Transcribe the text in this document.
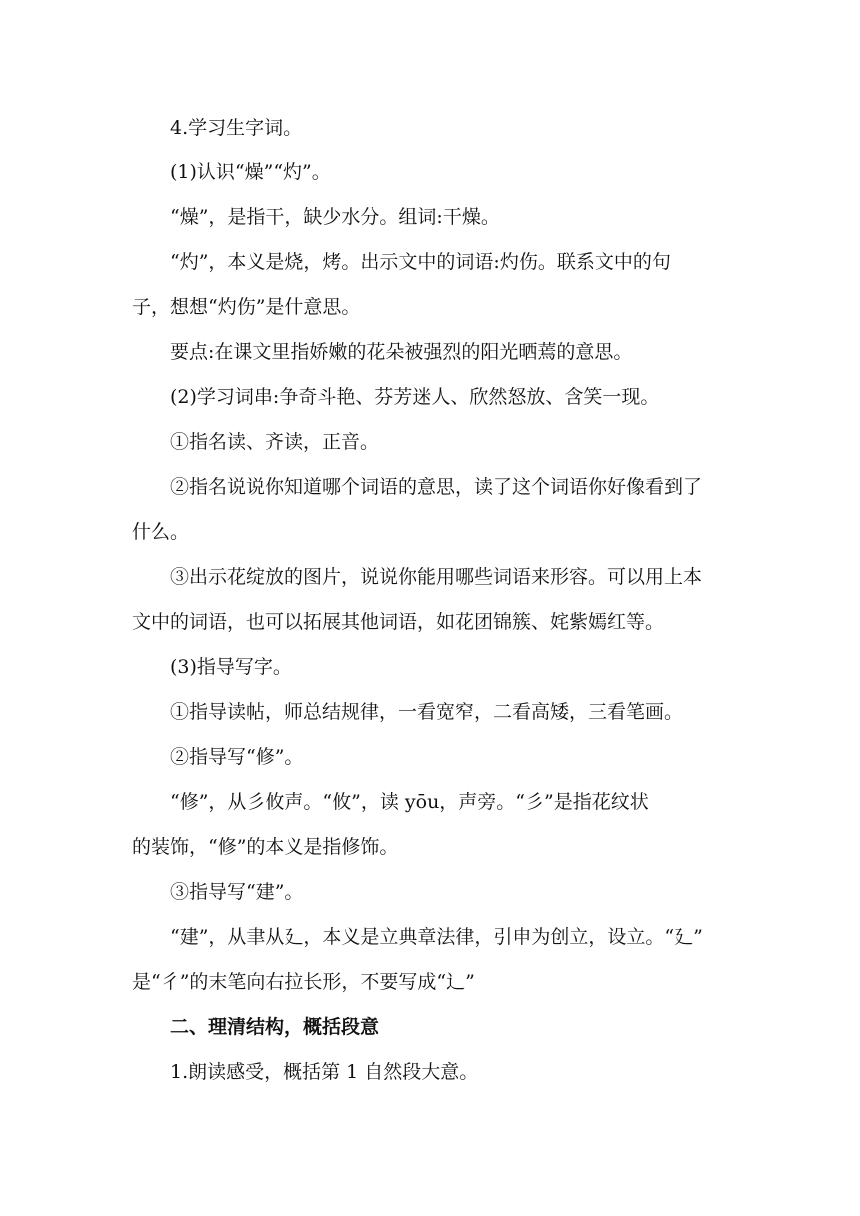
4.学习生字词。
(1)认识“燥”“灼”。
“燥”，是指干，缺少水分。组词:干燥。
“灼”，本义是烧，烤。出示文中的词语:灼伤。联系文中的句
子，想想“灼伤”是什意思。
要点:在课文里指娇嫩的花朵被强烈的阳光晒蔫的意思。
(2)学习词串:争奇斗艳、芬芳迷人、欣然怒放、含笑一现。
①指名读、齐读，正音。
②指名说说你知道哪个词语的意思，读了这个词语你好像看到了
什么。
③出示花绽放的图片，说说你能用哪些词语来形容。可以用上本
文中的词语，也可以拓展其他词语，如花团锦簇、姹紫嫣红等。
(3)指导写字。
①指导读帖，师总结规律，一看宽窄，二看高矮，三看笔画。
②指导写“修”。
“修”，从彡攸声。“攸”，读 yōu，声旁。“彡”是指花纹状
的装饰，“修”的本义是指修饰。
③指导写“建”。
“建”，从聿从廴，本义是立典章法律，引申为创立，设立。“廴”
是“彳”的末笔向右拉长形，不要写成“辶”
二、理清结构，概括段意
1.朗读感受，概括第 1 自然段大意。
